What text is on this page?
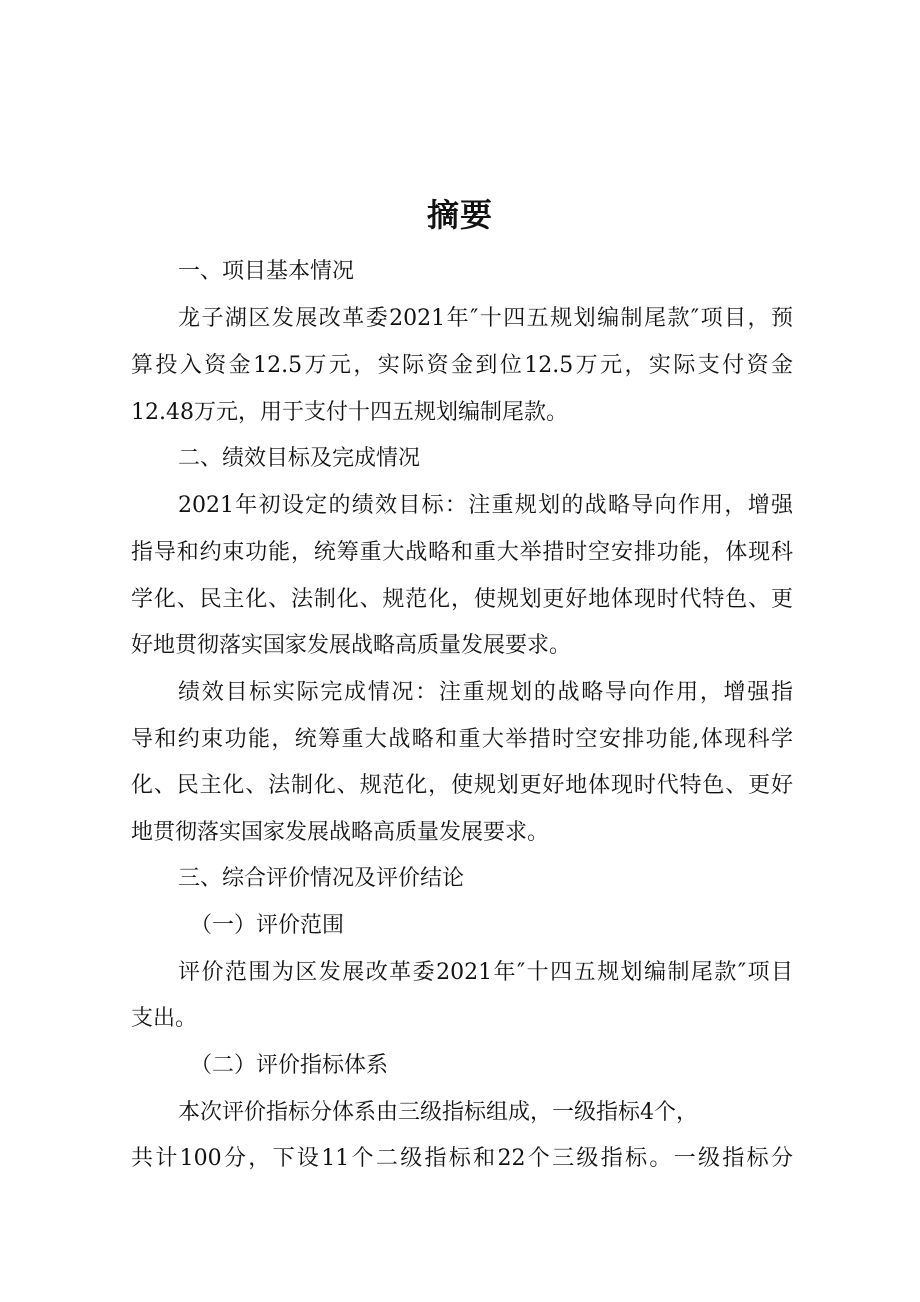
摘要
一、项目基本情况
龙子湖区发展改革委2021年″十四五规划编制尾款″项目，预
算投入资金12.5万元，实际资金到位12.5万元，实际支付资金
12.48万元，用于支付十四五规划编制尾款。
二、绩效目标及完成情况
2021年初设定的绩效目标：注重规划的战略导向作用，增强
指导和约束功能，统筹重大战略和重大举措时空安排功能，体现科
学化、民主化、法制化、规范化，使规划更好地体现时代特色、更
好地贯彻落实国家发展战略高质量发展要求。
绩效目标实际完成情况：注重规划的战略导向作用，增强指
导和约束功能，统筹重大战略和重大举措时空安排功能,体现科学
化、民主化、法制化、规范化，使规划更好地体现时代特色、更好
地贯彻落实国家发展战略高质量发展要求。
三、综合评价情况及评价结论
（一）评价范围
评价范围为区发展改革委2021年″十四五规划编制尾款″项目
支出。
（二）评价指标体系
本次评价指标分体系由三级指标组成，一级指标4个，
共计100分，下设11个二级指标和22个三级指标。一级指标分
